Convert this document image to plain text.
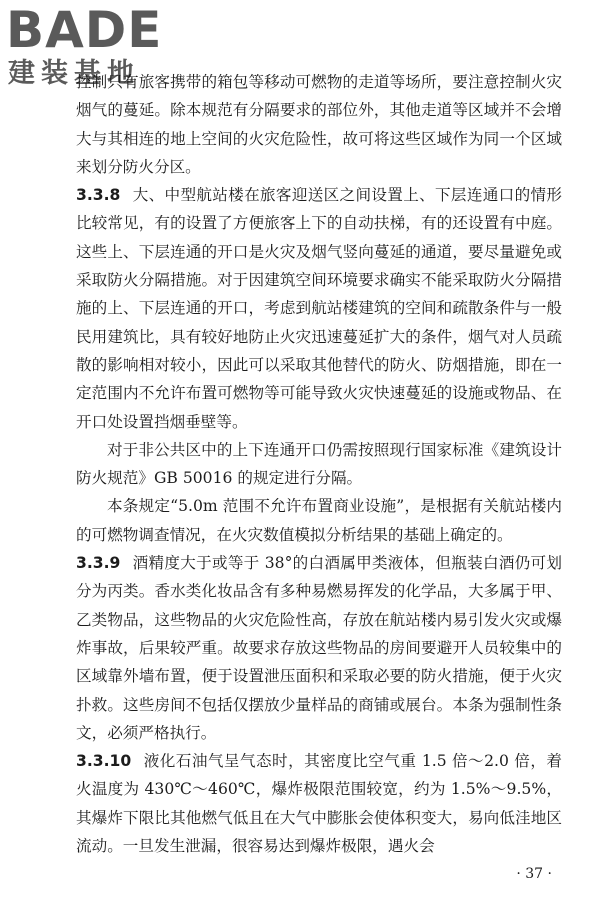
BADE
建装基地

控制只有旅客携带的箱包等移动可燃物的走道等场所，要注意控制火灾烟气的蔓延。除本规范有分隔要求的部位外，其他走道等区域并不会增大与其相连的地上空间的火灾危险性，故可将这些区域作为同一个区域来划分防火分区。

3.3.8 大、中型航站楼在旅客迎送区之间设置上、下层连通口的情形比较常见，有的设置了方便旅客上下的自动扶梯，有的还设置有中庭。这些上、下层连通的开口是火灾及烟气竖向蔓延的通道，要尽量避免或采取防火分隔措施。对于因建筑空间环境要求确实不能采取防火分隔措施的上、下层连通的开口，考虑到航站楼建筑的空间和疏散条件与一般民用建筑比，具有较好地防止火灾迅速蔓延扩大的条件，烟气对人员疏散的影响相对较小，因此可以采取其他替代的防火、防烟措施，即在一定范围内不允许布置可燃物等可能导致火灾快速蔓延的设施或物品、在开口处设置挡烟垂壁等。

对于非公共区中的上下连通开口仍需按照现行国家标准《建筑设计防火规范》GB 50016 的规定进行分隔。

本条规定“5.0m 范围不允许布置商业设施”，是根据有关航站楼内的可燃物调查情况，在火灾数值模拟分析结果的基础上确定的。

3.3.9 酒精度大于或等于 38°的白酒属甲类液体，但瓶装白酒仍可划分为丙类。香水类化妆品含有多种易燃易挥发的化学品，大多属于甲、乙类物品，这些物品的火灾危险性高，存放在航站楼内易引发火灾或爆炸事故，后果较严重。故要求存放这些物品的房间要避开人员较集中的区域靠外墙布置，便于设置泄压面积和采取必要的防火措施，便于火灾扑救。这些房间不包括仅摆放少量样品的商铺或展台。本条为强制性条文，必须严格执行。

3.3.10 液化石油气呈气态时，其密度比空气重 1.5 倍～2.0 倍，着火温度为 430℃～460℃，爆炸极限范围较宽，约为 1.5%～9.5%，其爆炸下限比其他燃气低且在大气中膨胀会使体积变大，易向低洼地区流动。一旦发生泄漏，很容易达到爆炸极限，遇火会

· 37 ·
